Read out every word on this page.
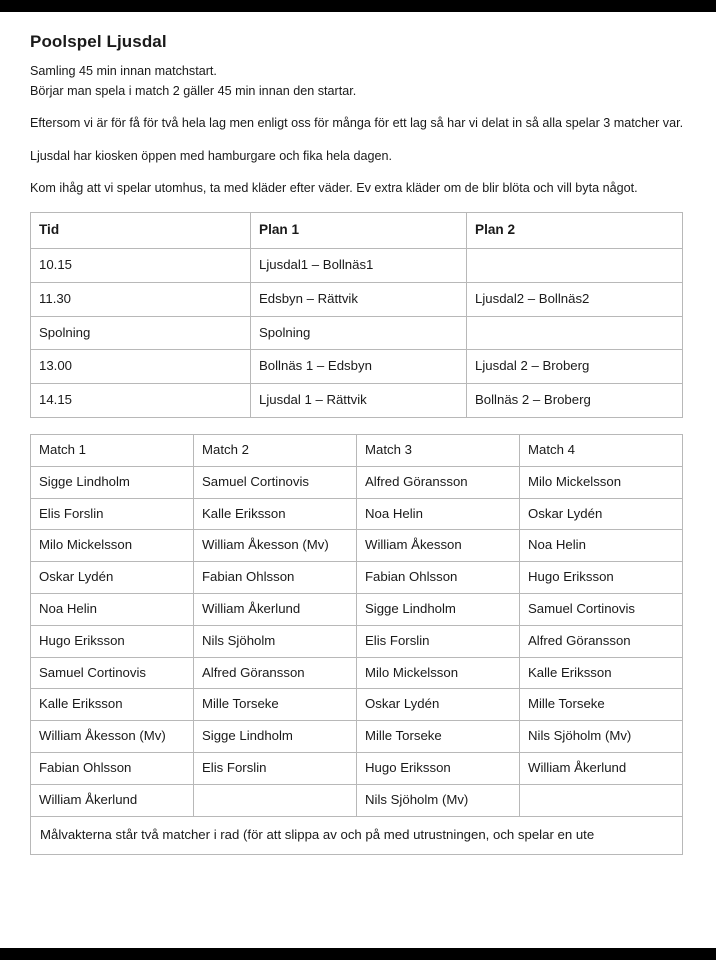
Poolspel Ljusdal

Samling 45 min innan matchstart.
Börjar man spela i match 2 gäller 45 min innan den startar.

Eftersom vi är för få för två hela lag men enligt oss för många för ett lag så har vi delat in så alla spelar 3 matcher var.

Ljusdal har kiosken öppen med hamburgare och fika hela dagen.

Kom ihåg att vi spelar utomhus, ta med kläder efter väder. Ev extra kläder om de blir blöta och vill byta något.

Tid	Plan 1	Plan 2
10.15	Ljusdal1 – Bollnäs1	
11.30	Edsbyn – Rättvik	Ljusdal2 – Bollnäs2
Spolning	Spolning	
13.00	Bollnäs 1 – Edsbyn	Ljusdal 2 – Broberg
14.15	Ljusdal 1 – Rättvik	Bollnäs 2 – Broberg
Match 1	Match 2	Match 3	Match 4
Sigge Lindholm	Samuel Cortinovis	Alfred Göransson	Milo Mickelsson
Elis Forslin	Kalle Eriksson	Noa Helin	Oskar Lydén
Milo Mickelsson	William Åkesson (Mv)	William Åkesson	Noa Helin
Oskar Lydén	Fabian Ohlsson	Fabian Ohlsson	Hugo Eriksson
Noa Helin	William Åkerlund	Sigge Lindholm	Samuel Cortinovis
Hugo Eriksson	Nils Sjöholm	Elis Forslin	Alfred Göransson
Samuel Cortinovis	Alfred Göransson	Milo Mickelsson	Kalle Eriksson
Kalle Eriksson	Mille Torseke	Oskar Lydén	Mille Torseke
William Åkesson (Mv)	Sigge Lindholm	Mille Torseke	Nils Sjöholm (Mv)
Fabian Ohlsson	Elis Forslin	Hugo Eriksson	William Åkerlund
William Åkerlund		Nils Sjöholm (Mv)	
Målvakterna står två matcher i rad (för att slippa av och på med utrustningen, och spelar en ute			
